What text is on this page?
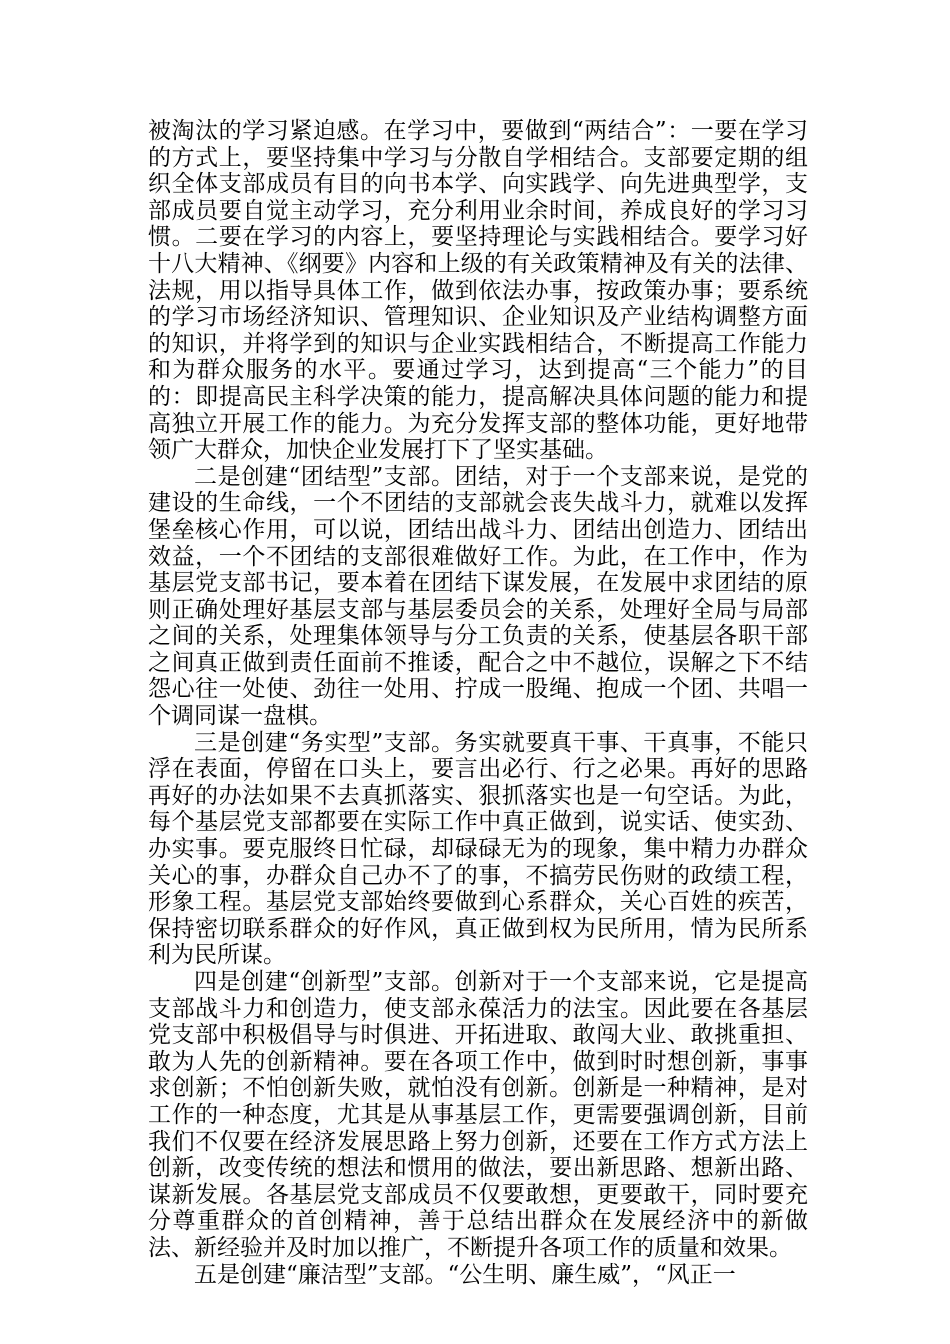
被淘汰的学习紧迫感。在学习中，要做到“两结合”：一要在学习的方式上，要坚持集中学习与分散自学相结合。支部要定期的组织全体支部成员有目的向书本学、向实践学、向先进典型学，支部成员要自觉主动学习，充分利用业余时间，养成良好的学习习惯。二要在学习的内容上，要坚持理论与实践相结合。要学习好十八大精神、《纲要》内容和上级的有关政策精神及有关的法律、法规，用以指导具体工作，做到依法办事，按政策办事；要系统的学习市场经济知识、管理知识、企业知识及产业结构调整方面的知识，并将学到的知识与企业实践相结合，不断提高工作能力和为群众服务的水平。要通过学习，达到提高“三个能力”的目的：即提高民主科学决策的能力，提高解决具体问题的能力和提高独立开展工作的能力。为充分发挥支部的整体功能，更好地带领广大群众，加快企业发展打下了坚实基础。

二是创建“团结型”支部。团结，对于一个支部来说，是党的建设的生命线，一个不团结的支部就会丧失战斗力，就难以发挥堡垒核心作用，可以说，团结出战斗力、团结出创造力、团结出效益，一个不团结的支部很难做好工作。为此，在工作中，作为基层党支部书记，要本着在团结下谋发展，在发展中求团结的原则正确处理好基层支部与基层委员会的关系，处理好全局与局部之间的关系，处理集体领导与分工负责的关系，使基层各职干部之间真正做到责任面前不推诿，配合之中不越位，误解之下不结怨心往一处使、劲往一处用、拧成一股绳、抱成一个团、共唱一个调同谋一盘棋。

三是创建“务实型”支部。务实就要真干事、干真事，不能只浮在表面，停留在口头上，要言出必行、行之必果。再好的思路再好的办法如果不去真抓落实、狠抓落实也是一句空话。为此，每个基层党支部都要在实际工作中真正做到，说实话、使实劲、办实事。要克服终日忙碌，却碌碌无为的现象，集中精力办群众关心的事，办群众自己办不了的事，不搞劳民伤财的政绩工程，形象工程。基层党支部始终要做到心系群众，关心百姓的疾苦，保持密切联系群众的好作风，真正做到权为民所用，情为民所系利为民所谋。

四是创建“创新型”支部。创新对于一个支部来说，它是提高支部战斗力和创造力，使支部永葆活力的法宝。因此要在各基层党支部中积极倡导与时俱进、开拓进取、敢闯大业、敢挑重担、敢为人先的创新精神。要在各项工作中，做到时时想创新，事事求创新；不怕创新失败，就怕没有创新。创新是一种精神，是对工作的一种态度，尤其是从事基层工作，更需要强调创新，目前我们不仅要在经济发展思路上努力创新，还要在工作方式方法上创新，改变传统的想法和惯用的做法，要出新思路、想新出路、谋新发展。各基层党支部成员不仅要敢想，更要敢干，同时要充分尊重群众的首创精神，善于总结出群众在发展经济中的新做法、新经验并及时加以推广，不断提升各项工作的质量和效果。

五是创建“廉洁型”支部。“公生明、廉生威”，“风正一
